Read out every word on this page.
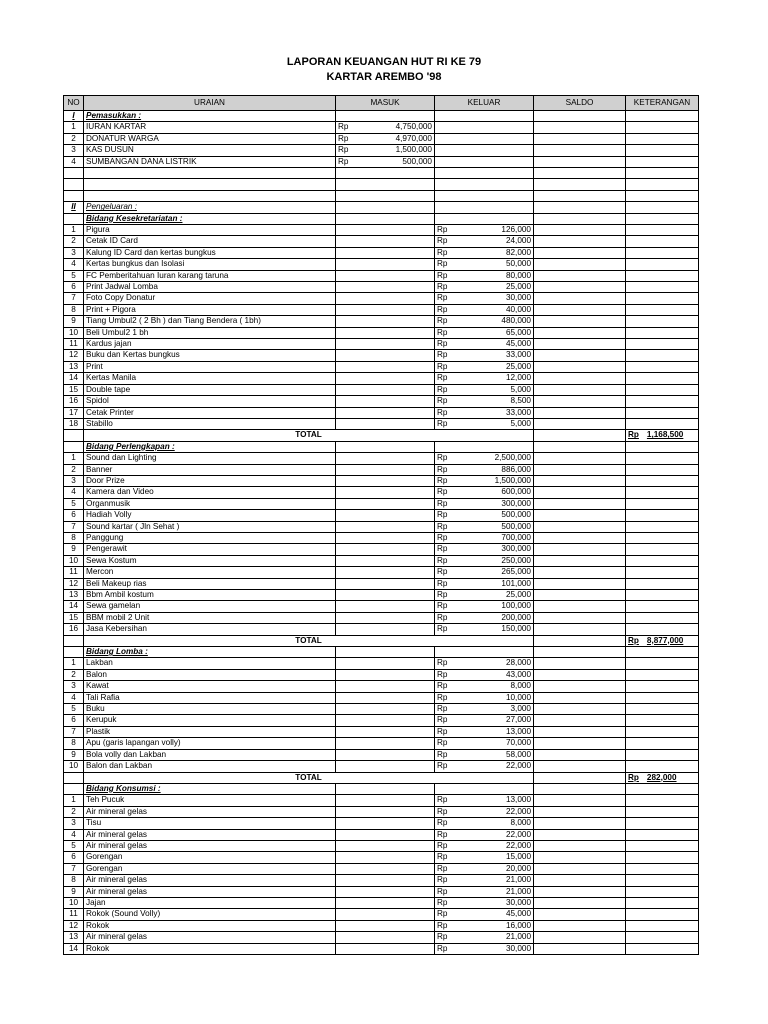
LAPORAN KEUANGAN HUT RI KE 79
KARTAR AREMBO '98
NO	URAIAN	MASUK	KELUAR	SALDO	KETERANGAN
I	Pemasukkan :				
1	IURAN KARTAR	Rp 4,750,000			

2	DONATUR WARGA	Rp 4,970,000			

3	KAS DUSUN	Rp 1,500,000			

4	SUMBANGAN DANA LISTRIK	Rp 500,000			

II	Pengeluaran :				
	Bidang Kesekretariatan :				
1	Pigura		Rp 126,000		

2	Cetak ID Card		Rp 24,000		

3	Kalung ID Card dan kertas bungkus		Rp 82,000		

4	Kertas bungkus dan Isolasi		Rp 50,000		

5	FC Pemberitahuan Iuran karang taruna		Rp 80,000		

6	Print Jadwal Lomba		Rp 25,000		

7	Foto Copy Donatur		Rp 30,000		

8	Print + Pigora		Rp 40,000		

9	Tiang Umbul2 ( 2 Bh ) dan Tiang Bendera ( 1bh)		Rp 480,000		

10	Beli Umbul2 1 bh		Rp 65,000		

11	Kardus jajan		Rp 45,000		

12	Buku dan Kertas bungkus		Rp 33,000		

13	Print		Rp 25,000		

14	Kertas Manila		Rp 12,000		

15	Double tape		Rp 5,000		

16	Spidol		Rp 8,500		

17	Cetak Printer		Rp 33,000		

18	Stabillo		Rp 5,000		

	TOTAL				Rp 1,168,500

	Bidang Perlengkapan :				
1	Sound dan Lighting		Rp 2,500,000		

2	Banner		Rp 886,000		

3	Door Prize		Rp 1,500,000		

4	Kamera dan Video		Rp 600,000		

5	Organmusik		Rp 300,000		

6	Hadiah Volly		Rp 500,000		

7	Sound kartar ( Jln Sehat )		Rp 500,000		

8	Panggung		Rp 700,000		

9	Pengerawit		Rp 300,000		

10	Sewa Kostum		Rp 250,000		

11	Mercon		Rp 265,000		

12	Beli Makeup rias		Rp 101,000		

13	Bbm Ambil kostum		Rp 25,000		

14	Sewa gamelan		Rp 100,000		

15	BBM mobil 2 Unit		Rp 200,000		

16	Jasa Kebersihan		Rp 150,000		

	TOTAL				Rp 8,877,000

	Bidang Lomba :				
1	Lakban		Rp 28,000		

2	Balon		Rp 43,000		

3	Kawat		Rp 8,000		

4	Tali Rafia		Rp 10,000		

5	Buku		Rp 3,000		

6	Kerupuk		Rp 27,000		

7	Plastik		Rp 13,000		

8	Apu (garis lapangan volly)		Rp 70,000		

9	Bola volly dan Lakban		Rp 58,000		

10	Balon dan Lakban		Rp 22,000		

	TOTAL				Rp 282,000

	Bidang Konsumsi :				
1	Teh Pucuk		Rp 13,000		

2	Air mineral gelas		Rp 22,000		

3	Tisu		Rp 8,000		

4	Air mineral gelas		Rp 22,000		

5	Air mineral gelas		Rp 22,000		

6	Gorengan		Rp 15,000		

7	Gorengan		Rp 20,000		

8	Air mineral gelas		Rp 21,000		

9	Air mineral gelas		Rp 21,000		

10	Jajan		Rp 30,000		

11	Rokok (Sound Volly)		Rp 45,000		

12	Rokok		Rp 16,000		

13	Air mineral gelas		Rp 21,000		

14	Rokok		Rp 30,000		
